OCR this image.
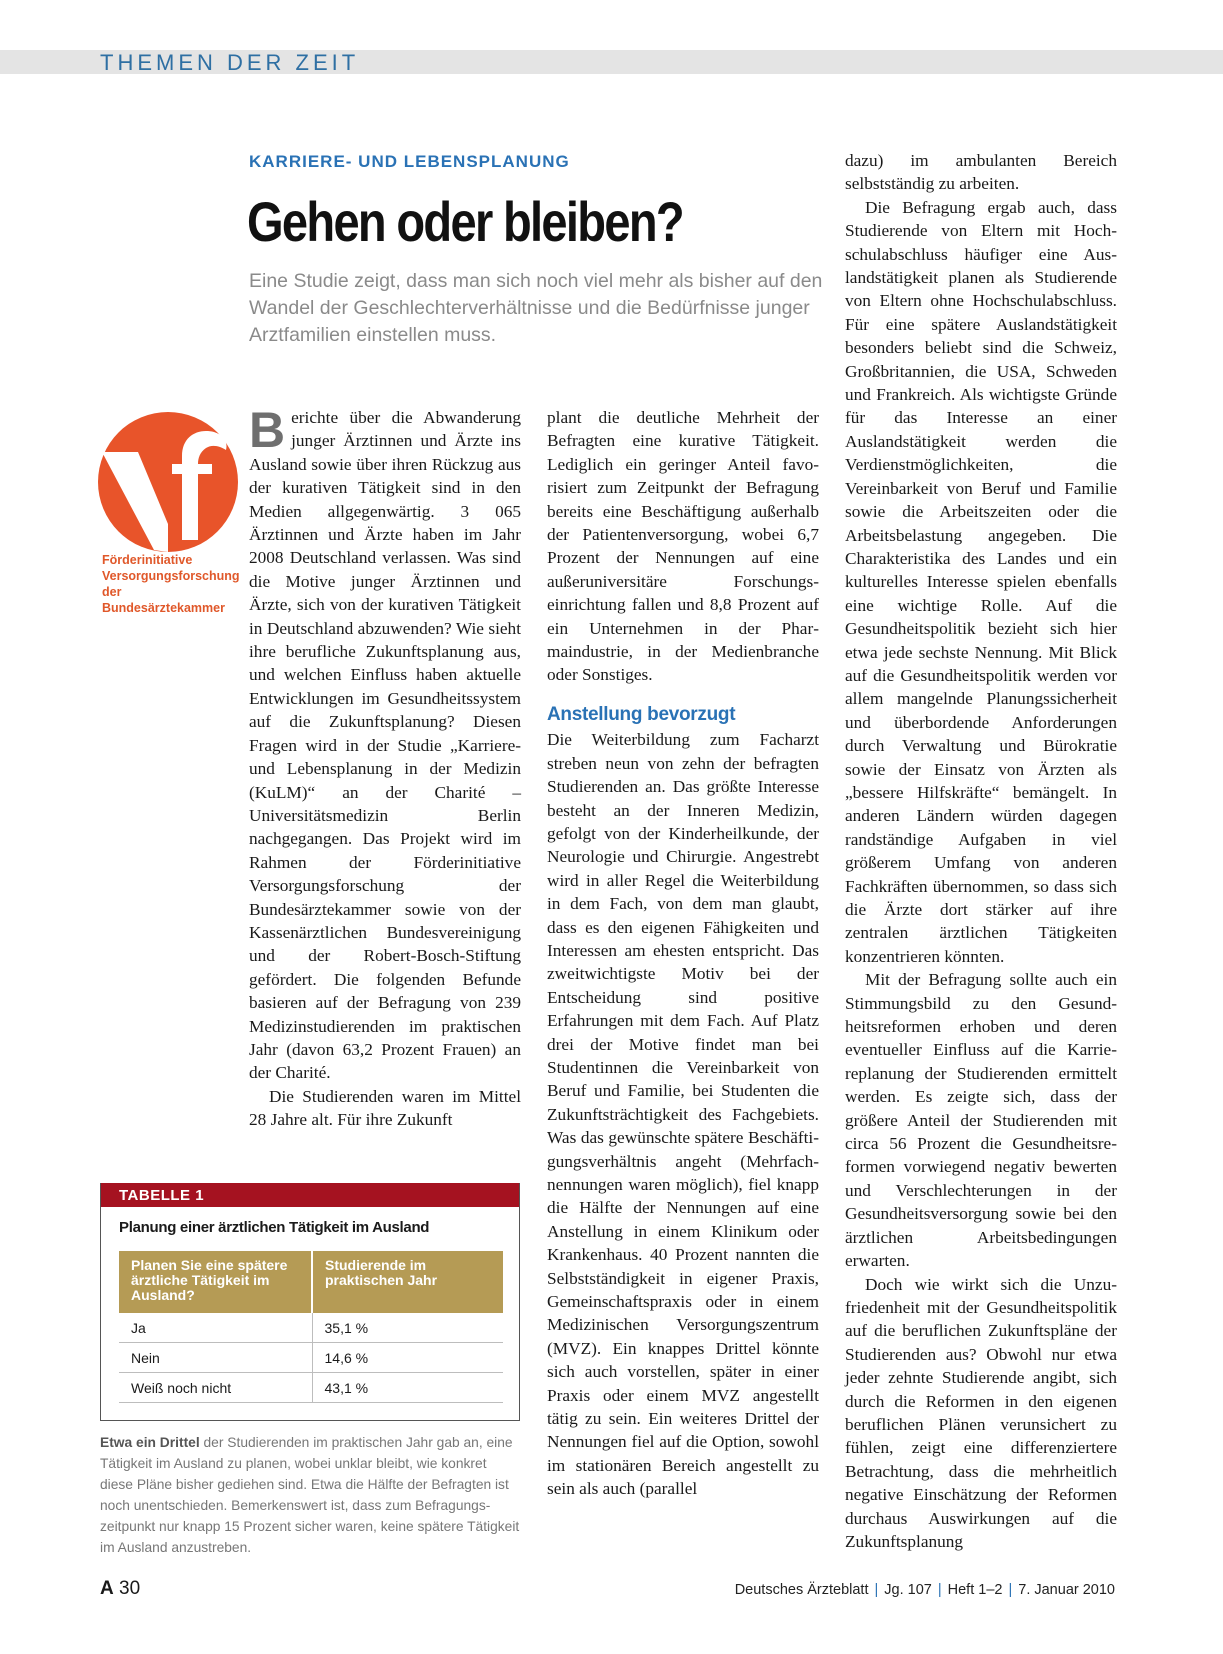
THEMEN DER ZEIT
KARRIERE- UND LEBENSPLANUNG
Gehen oder bleiben?

Eine Studie zeigt, dass man sich noch viel mehr als bisher auf den Wandel der Geschlechterverhältnisse und die Bedürfnisse junger Arztfamilien einstellen muss.

Förderinitiative Versorgungsforschung der Bundesärztekammer

Berichte über die Abwanderung junger Ärztinnen und Ärzte ins Ausland sowie über ihren Rückzug aus der kurativen Tätigkeit sind in den Medien allgegenwärtig. 3 065 Ärztinnen und Ärzte haben im Jahr 2008 Deutschland verlassen. Was sind die Motive junger Ärztinnen und Ärzte, sich von der kurativen Tätigkeit in Deutschland abzuwenden? Wie sieht ihre berufliche Zukunftsplanung aus, und welchen Einfluss haben aktuelle Entwicklungen im Gesundheitssystem auf die Zukunftsplanung? Diesen Fragen wird in der Studie „Karriere- und Lebensplanung in der Medizin (KuLM)“ an der Charité – Universitätsmedizin Berlin nachgegangen. Das Projekt wird im Rahmen der Förderinitiative Versorgungsforschung der Bundesärztekammer sowie von der Kassenärztlichen Bundesvereinigung und der Robert-Bosch-Stiftung gefördert. Die folgenden Befunde basieren auf der Befragung von 239 Medizinstudierenden im praktischen Jahr (davon 63,2 Prozent Frauen) an der Charité.

Die Studierenden waren im Mittel 28 Jahre alt. Für ihre Zukunft

plant die deutliche Mehrheit der Befragten eine kurative Tätigkeit. Lediglich ein geringer Anteil favorisiert zum Zeitpunkt der Befragung bereits eine Beschäftigung außerhalb der Patientenversorgung, wobei 6,7 Prozent der Nennungen auf eine außeruniversitäre Forschungseinrichtung fallen und 8,8 Prozent auf ein Unternehmen in der Pharmaindustrie, in der Medienbranche oder Sonstiges.

Anstellung bevorzugt

Die Weiterbildung zum Facharzt streben neun von zehn der befragten Studierenden an. Das größte Interesse besteht an der Inneren Medizin, gefolgt von der Kinderheilkunde, der Neurologie und Chirurgie. Angestrebt wird in aller Regel die Weiterbildung in dem Fach, von dem man glaubt, dass es den eigenen Fähigkeiten und Interessen am ehesten entspricht. Das zweitwichtigste Motiv bei der Entscheidung sind positive Erfahrungen mit dem Fach. Auf Platz drei der Motive findet man bei Studentinnen die Vereinbarkeit von Beruf und Familie, bei Studenten die Zukunftsträchtigkeit des Fachgebiets. Was das gewünschte spätere Beschäftigungsverhältnis angeht (Mehrfachnennungen waren möglich), fiel knapp die Hälfte der Nennungen auf eine Anstellung in einem Klinikum oder Krankenhaus. 40 Prozent nannten die Selbstständigkeit in eigener Praxis, Gemeinschaftspraxis oder in einem Medizinischen Versorgungszentrum (MVZ). Ein knappes Drittel könnte sich auch vorstellen, später in einer Praxis oder einem MVZ angestellt tätig zu sein. Ein weiteres Drittel der Nennungen fiel auf die Option, sowohl im stationären Bereich angestellt zu sein als auch (parallel

dazu) im ambulanten Bereich selbstständig zu arbeiten.

Die Befragung ergab auch, dass Studierende von Eltern mit Hochschulabschluss häufiger eine Auslandstätigkeit planen als Studierende von Eltern ohne Hochschulabschluss. Für eine spätere Auslandstätigkeit besonders beliebt sind die Schweiz, Großbritannien, die USA, Schweden und Frankreich. Als wichtigste Gründe für das Interesse an einer Auslandstätigkeit werden die Verdienstmöglichkeiten, die Vereinbarkeit von Beruf und Familie sowie die Arbeitszeiten oder die Arbeitsbelastung angegeben. Die Charakteristika des Landes und ein kulturelles Interesse spielen ebenfalls eine wichtige Rolle. Auf die Gesundheitspolitik bezieht sich hier etwa jede sechste Nennung. Mit Blick auf die Gesundheitspolitik werden vor allem mangelnde Planungssicherheit und überbordende Anforderungen durch Verwaltung und Bürokratie sowie der Einsatz von Ärzten als „bessere Hilfskräfte“ bemängelt. In anderen Ländern würden dagegen randständige Aufgaben in viel größerem Umfang von anderen Fachkräften übernommen, so dass sich die Ärzte dort stärker auf ihre zentralen ärztlichen Tätigkeiten konzentrieren könnten.

Mit der Befragung sollte auch ein Stimmungsbild zu den Gesundheitsreformen erhoben und deren eventueller Einfluss auf die Karriereplanung der Studierenden ermittelt werden. Es zeigte sich, dass der größere Anteil der Studierenden mit circa 56 Prozent die Gesundheitsreformen vorwiegend negativ bewerten und Verschlechterungen in der Gesundheitsversorgung sowie bei den ärztlichen Arbeitsbedingungen erwarten.

Doch wie wirkt sich die Unzufriedenheit mit der Gesundheitspolitik auf die beruflichen Zukunftspläne der Studierenden aus? Obwohl nur etwa jeder zehnte Studierende angibt, sich durch die Reformen in den eigenen beruflichen Plänen verunsichert zu fühlen, zeigt eine differenziertere Betrachtung, dass die mehrheitlich negative Einschätzung der Reformen durchaus Auswirkungen auf die Zukunftsplanung

TABELLE 1
Planung einer ärztlichen Tätigkeit im Ausland
Planen Sie eine spätere ärztliche Tätigkeit im Ausland?	Studierende im praktischen Jahr
Ja	35,1 %
Nein	14,6 %
Weiß noch nicht	43,1 %

Etwa ein Drittel der Studierenden im praktischen Jahr gab an, eine Tätigkeit im Ausland zu planen, wobei unklar bleibt, wie konkret diese Pläne bisher gediehen sind. Etwa die Hälfte der Befragten ist noch unentschieden. Bemerkenswert ist, dass zum Befragungszeitpunkt nur knapp 15 Prozent sicher waren, keine spätere Tätigkeit im Ausland anzustreben.

A 30	Deutsches Ärzteblatt | Jg. 107 | Heft 1–2 | 7. Januar 2010
